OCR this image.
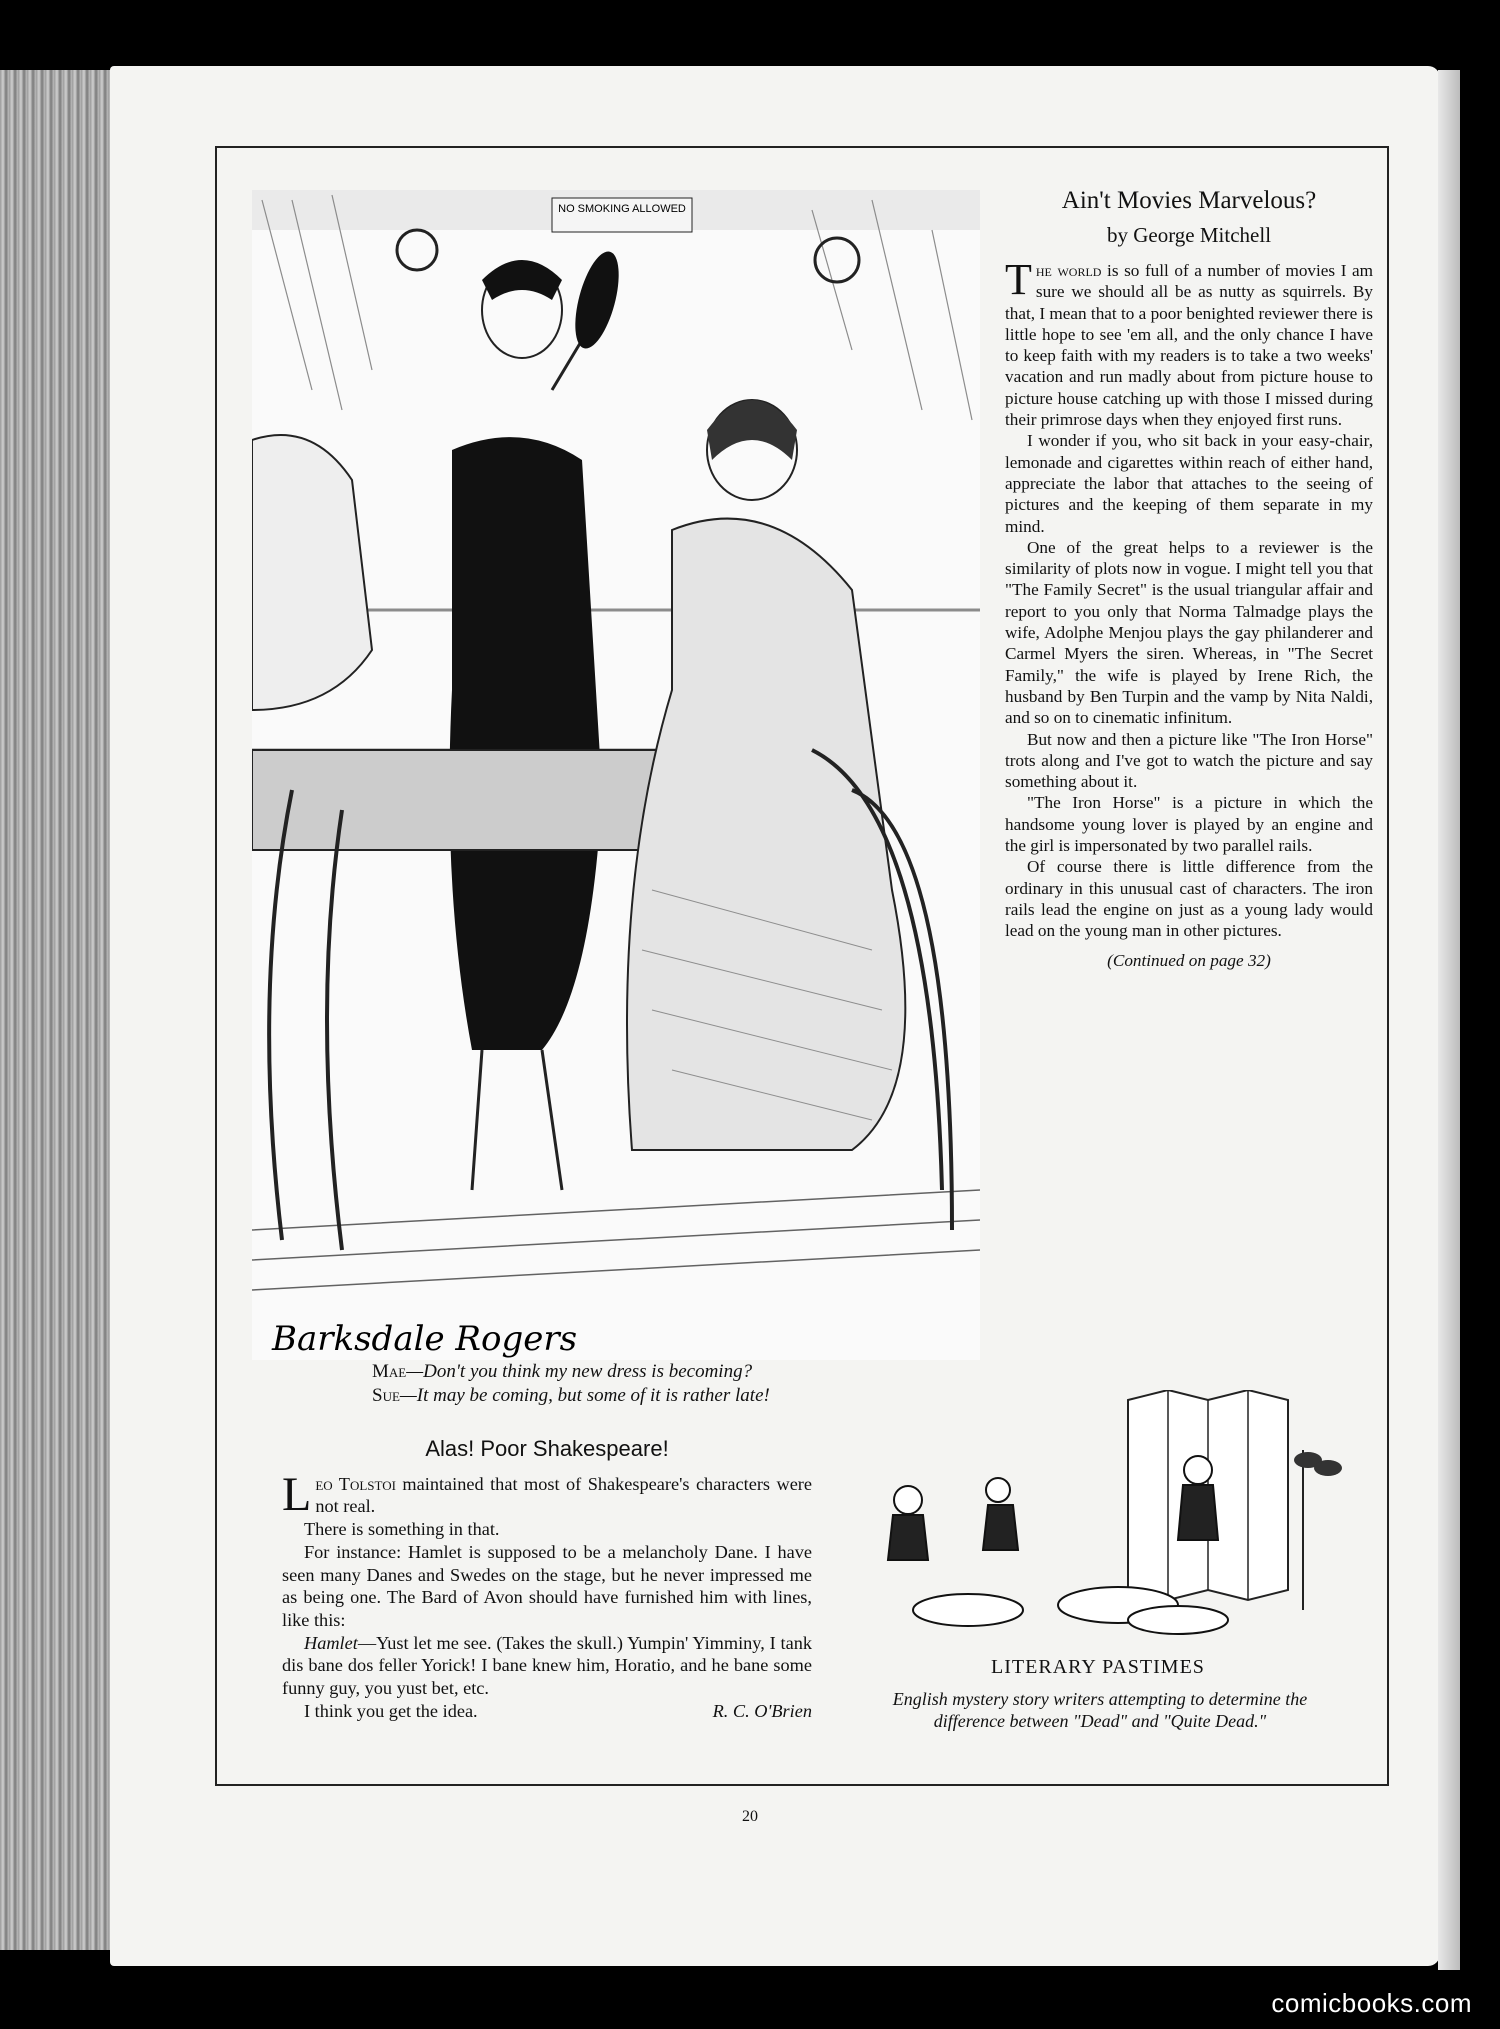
NO SMOKING ALLOWED
Barksdale Rogers
Mae—Don't you think my new dress is becoming?
Sue—It may be coming, but some of it is rather late!
Ain't Movies Marvelous?
by George Mitchell

The world is so full of a number of movies I am sure we should all be as nutty as squirrels. By that, I mean that to a poor benighted reviewer there is little hope to see 'em all, and the only chance I have to keep faith with my readers is to take a two weeks' vacation and run madly about from picture house to picture house catching up with those I missed during their primrose days when they enjoyed first runs.

I wonder if you, who sit back in your easy-chair, lemonade and cigarettes within reach of either hand, appreciate the labor that attaches to the seeing of pictures and the keeping of them separate in my mind.

One of the great helps to a reviewer is the similarity of plots now in vogue. I might tell you that "The Family Secret" is the usual triangular affair and report to you only that Norma Talmadge plays the wife, Adolphe Menjou plays the gay philanderer and Carmel Myers the siren. Whereas, in "The Secret Family," the wife is played by Irene Rich, the husband by Ben Turpin and the vamp by Nita Naldi, and so on to cinematic infinitum.

But now and then a picture like "The Iron Horse" trots along and I've got to watch the picture and say something about it.

"The Iron Horse" is a picture in which the handsome young lover is played by an engine and the girl is impersonated by two parallel rails.

Of course there is little difference from the ordinary in this unusual cast of characters. The iron rails lead the engine on just as a young lady would lead on the young man in other pictures.

(Continued on page 32)
Alas! Poor Shakespeare!

Leo Tolstoi maintained that most of Shakespeare's characters were not real.

There is something in that.

For instance: Hamlet is supposed to be a melancholy Dane. I have seen many Danes and Swedes on the stage, but he never impressed me as being one. The Bard of Avon should have furnished him with lines, like this:

Hamlet—Yust let me see. (Takes the skull.) Yumpin' Yimminy, I tank dis bane dos feller Yorick! I bane knew him, Horatio, and he bane some funny guy, you yust bet, etc.

I think you get the idea.	R. C. O'Brien

LITERARY PASTIMES
English mystery story writers attempting to determine the difference between "Dead" and "Quite Dead."
20
comicbooks.com
